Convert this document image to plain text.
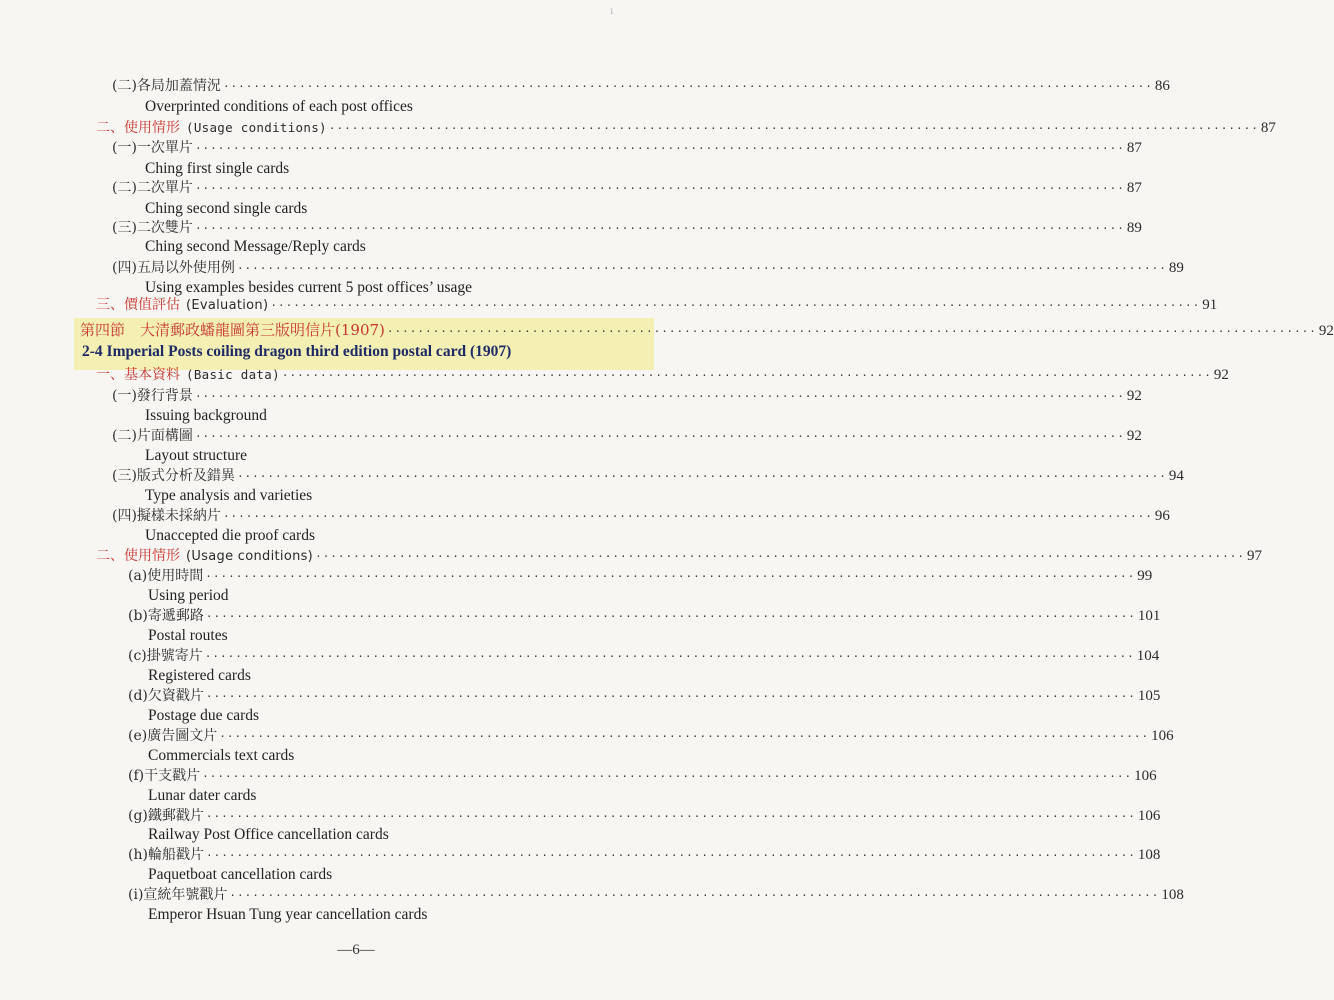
ı
(二)各局加蓋情況 ·························································································································· 86
Overprinted conditions of each post offices
二、使用情形 (Usage conditions) ·························································································································· 87
(一)一次單片 ·························································································································· 87
Ching first single cards
(二)二次單片 ·························································································································· 87
Ching second single cards
(三)二次雙片 ·························································································································· 89
Ching second Message/Reply cards
(四)五局以外使用例 ·························································································································· 89
Using examples besides current 5 post offices’ usage
三、價值評估 (Evaluation) ·························································································································· 91
第四節　大清郵政蟠龍圖第三版明信片(1907) ·························································································································· 92
2-4 Imperial Posts coiling dragon third edition postal card (1907)
一、基本資料 (Basic data) ·························································································································· 92
(一)發行背景 ·························································································································· 92
Issuing background
(二)片面構圖 ·························································································································· 92
Layout structure
(三)版式分析及錯異 ·························································································································· 94
Type analysis and varieties
(四)擬樣未採納片 ·························································································································· 96
Unaccepted die proof cards
二、使用情形 (Usage conditions) ·························································································································· 97
(a)使用時間 ·························································································································· 99
Using period
(b)寄遞郵路 ·························································································································· 101
Postal routes
(c)掛號寄片 ·························································································································· 104
Registered cards
(d)欠資戳片 ·························································································································· 105
Postage due cards
(e)廣告圖文片 ·························································································································· 106
Commercials text cards
(f)干支戳片 ·························································································································· 106
Lunar dater cards
(g)鐵郵戳片 ·························································································································· 106
Railway Post Office cancellation cards
(h)輪船戳片 ·························································································································· 108
Paquetboat cancellation cards
(i)宣統年號戳片 ·························································································································· 108
Emperor Hsuan Tung year cancellation cards
—6—
